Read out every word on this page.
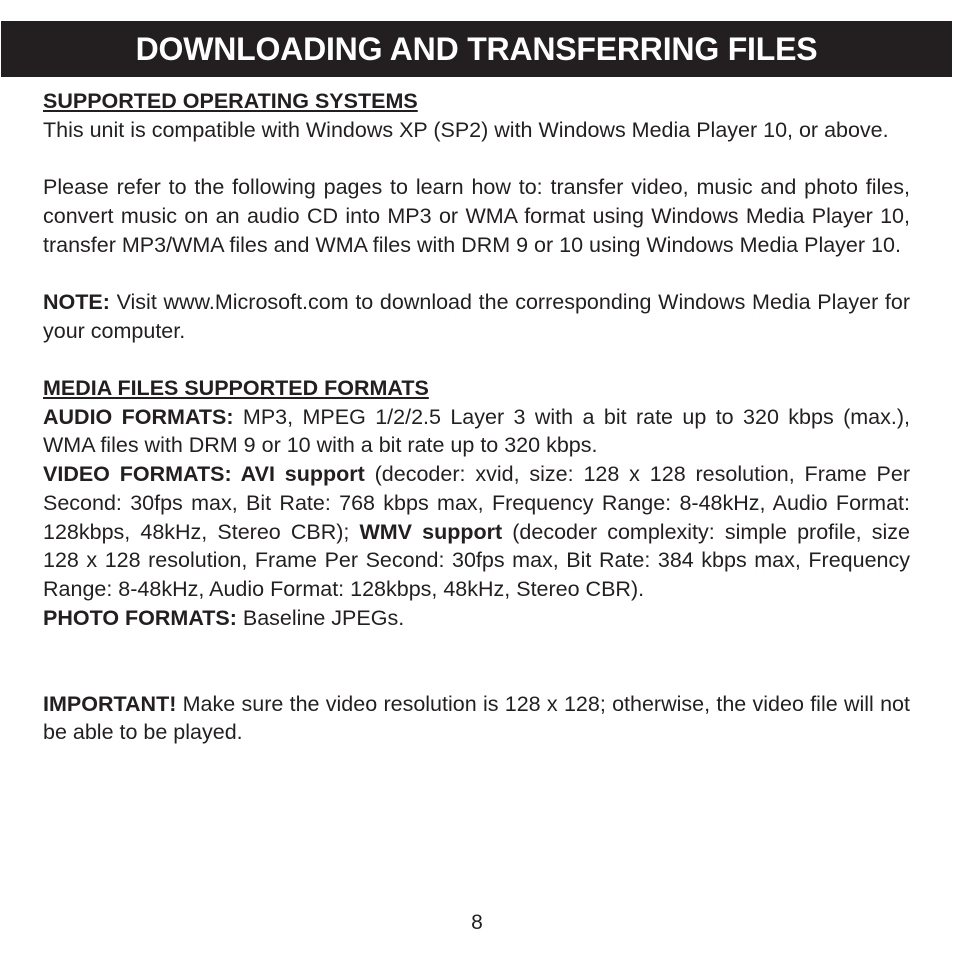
DOWNLOADING AND TRANSFERRING FILES

SUPPORTED OPERATING SYSTEMS

This unit is compatible with Windows XP (SP2) with Windows Media Player 10, or above.

Please refer to the following pages to learn how to: transfer video, music and photo files, convert music on an audio CD into MP3 or WMA format using Windows Media Player 10, transfer MP3/WMA files and WMA files with DRM 9 or 10 using Windows Media Player 10.

NOTE: Visit www.Microsoft.com to download the corresponding Windows Media Player for your computer.

MEDIA FILES SUPPORTED FORMATS

AUDIO FORMATS: MP3, MPEG 1/2/2.5 Layer 3 with a bit rate up to 320 kbps (max.), WMA files with DRM 9 or 10 with a bit rate up to 320 kbps.

VIDEO FORMATS: AVI support (decoder: xvid, size: 128 x 128 resolution, Frame Per Second: 30fps max, Bit Rate: 768 kbps max, Frequency Range: 8-48kHz, Audio Format: 128kbps, 48kHz, Stereo CBR); WMV support (decoder complexity: simple profile, size 128 x 128 resolution, Frame Per Second: 30fps max, Bit Rate: 384 kbps max, Frequency Range: 8-48kHz, Audio Format: 128kbps, 48kHz, Stereo CBR).

PHOTO FORMATS: Baseline JPEGs.

IMPORTANT! Make sure the video resolution is 128 x 128; otherwise, the video file will not be able to be played.

8
